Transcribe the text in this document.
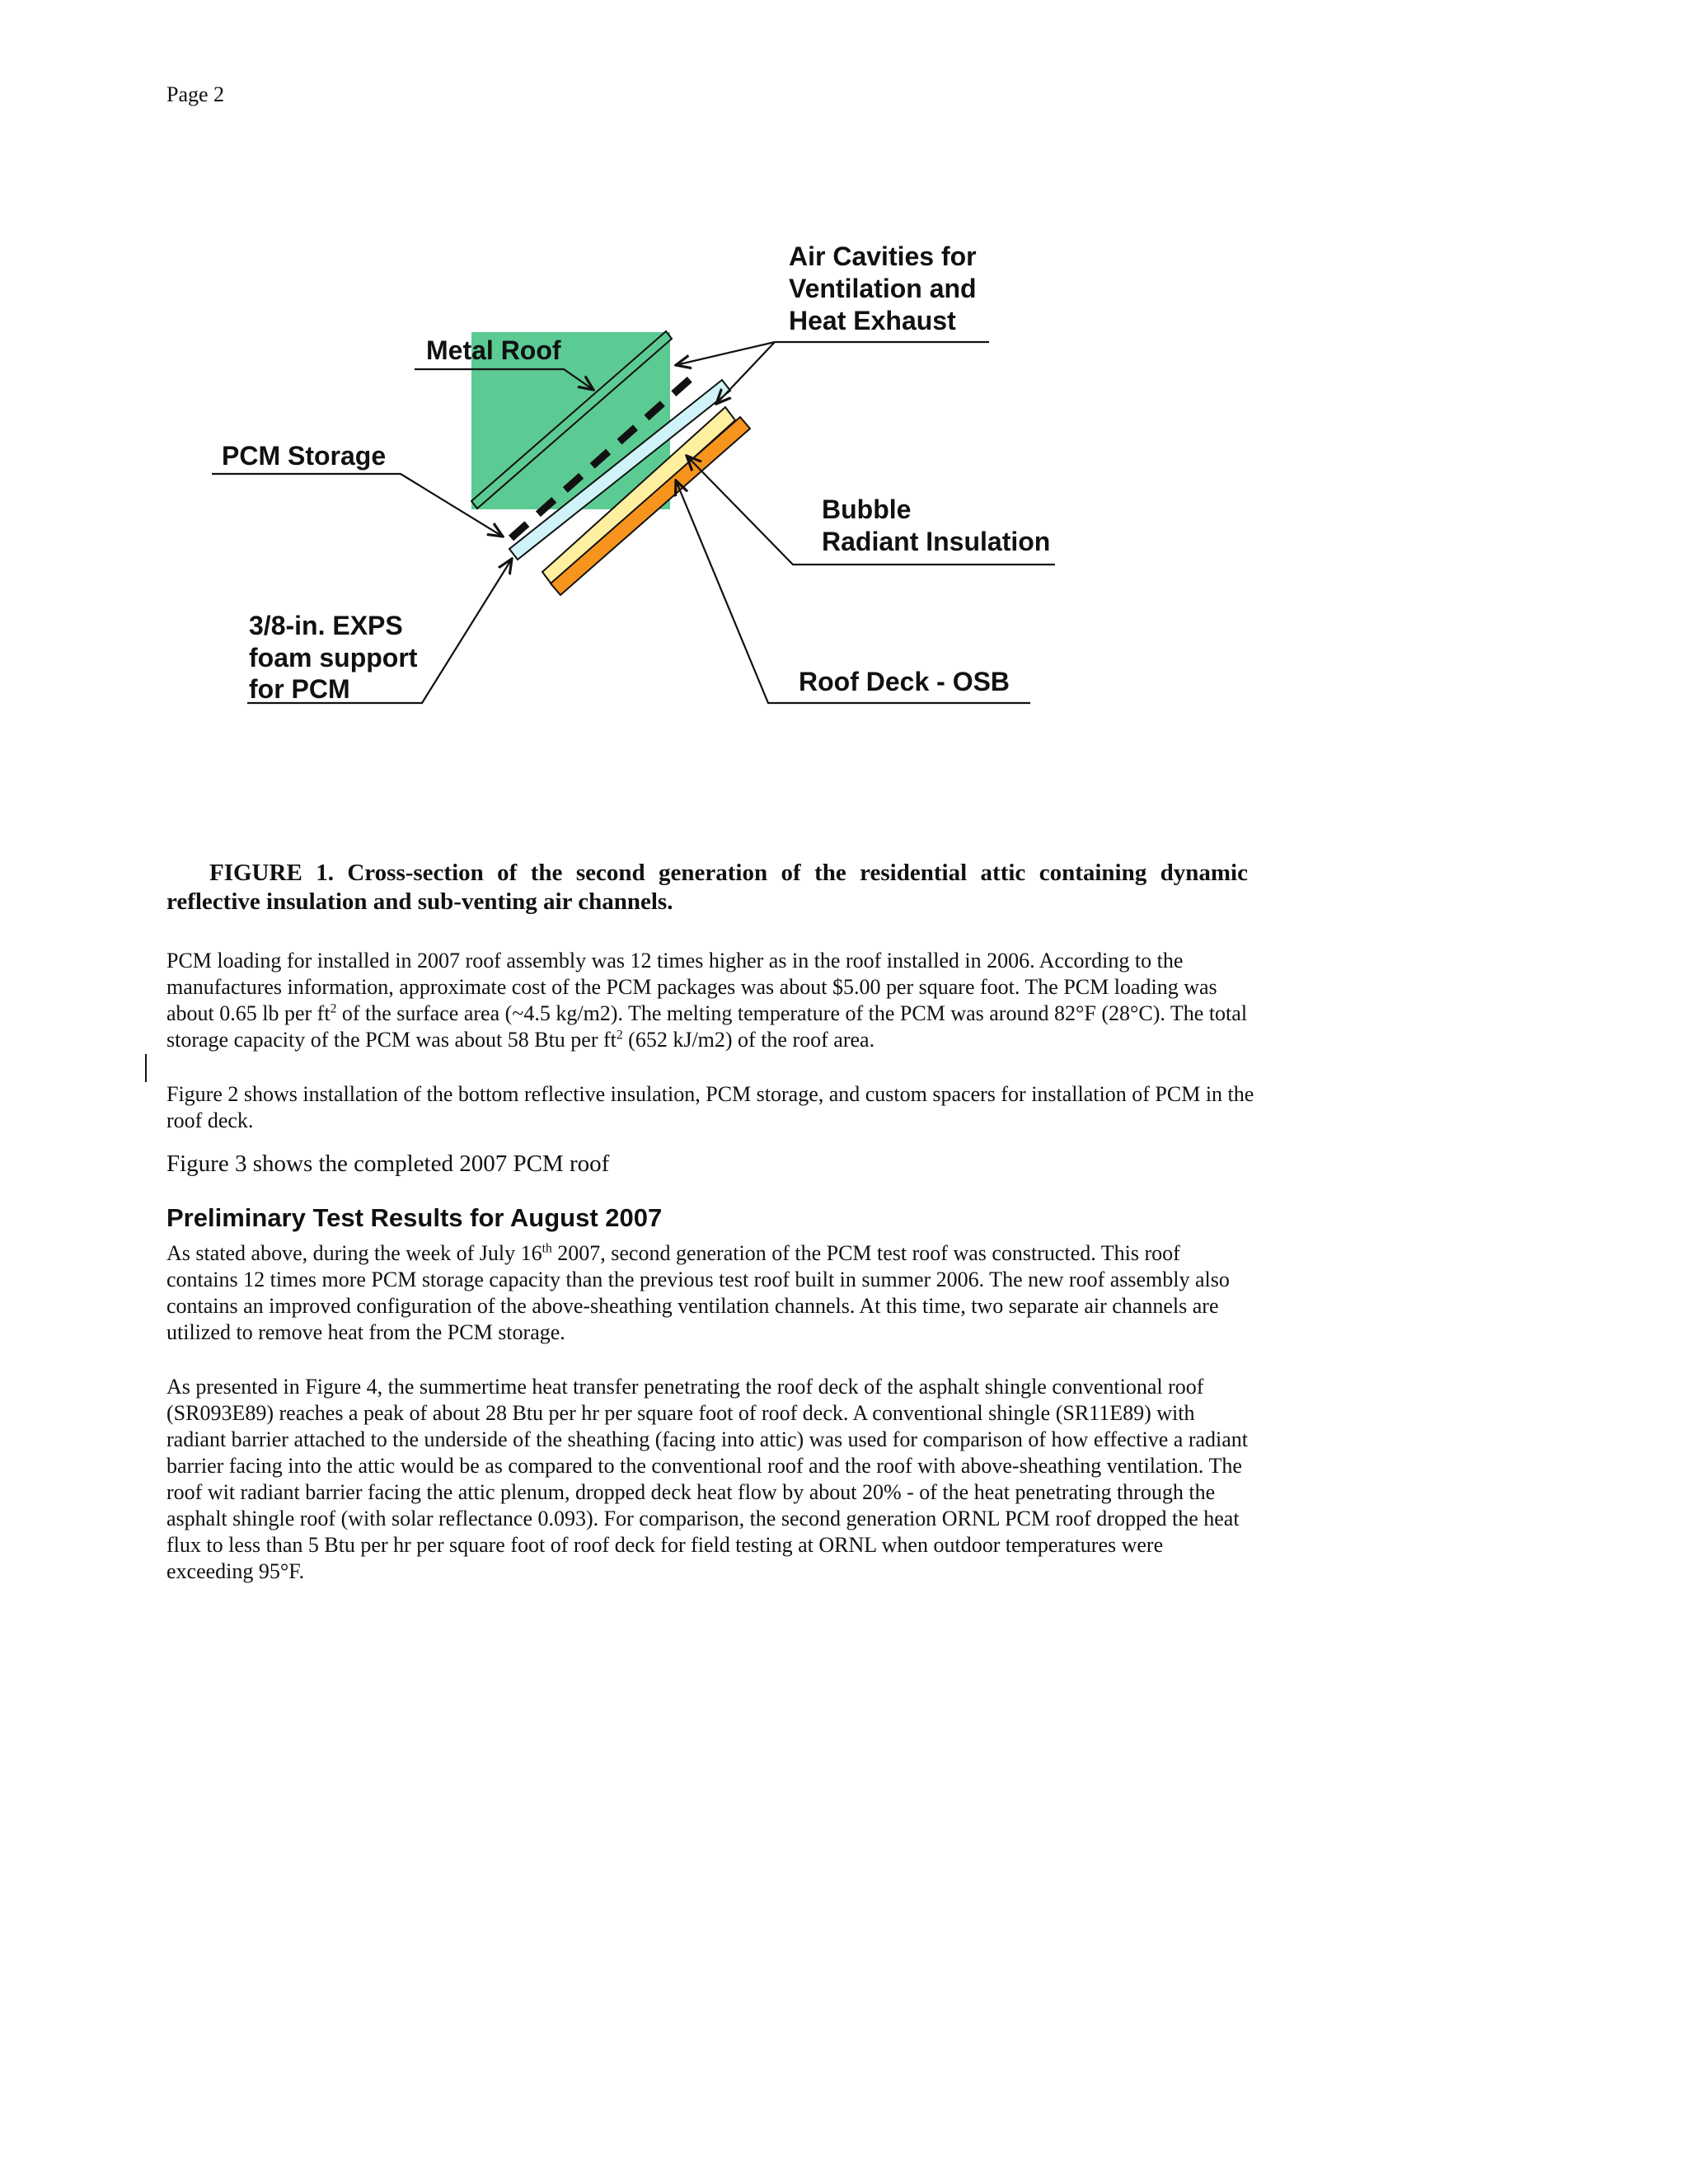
Page 2
Air Cavities for
Ventilation and
Heat Exhaust
Metal Roof
PCM Storage
Bubble
Radiant Insulation
3/8-in. EXPS
foam support
for PCM	Roof Deck - OSB
FIGURE 1. Cross-section of the second generation of the residential attic containing dynamic reflective insulation and sub-venting air channels.
PCM loading for installed in 2007 roof assembly was 12 times higher as in the roof installed in 2006. According to the manufactures information, approximate cost of the PCM packages was about $5.00 per square foot. The PCM loading was about 0.65 lb per $ft^2$ of the surface area (~4.5 kg/m2). The melting temperature of the PCM was around 82°F (28°C). The total storage capacity of the PCM was about 58 Btu per $ft^2$ (652 kJ/m2) of the roof area.
Figure 2 shows installation of the bottom reflective insulation, PCM storage, and custom spacers for installation of PCM in the roof deck.
Figure 3 shows the completed 2007 PCM roof
Preliminary Test Results for August 2007
As stated above, during the week of July 16th 2007, second generation of the PCM test roof was constructed. This roof contains 12 times more PCM storage capacity than the previous test roof built in summer 2006. The new roof assembly also contains an improved configuration of the above-sheathing ventilation channels. At this time, two separate air channels are utilized to remove heat from the PCM storage.
As presented in Figure 4, the summertime heat transfer penetrating the roof deck of the asphalt shingle conventional roof (SR093E89) reaches a peak of about 28 Btu per hr per square foot of roof deck. A conventional shingle (SR11E89) with radiant barrier attached to the underside of the sheathing (facing into attic) was used for comparison of how effective a radiant barrier facing into the attic would be as compared to the conventional roof and the roof with above-sheathing ventilation. The roof wit radiant barrier facing the attic plenum, dropped deck heat flow by about 20% - of the heat penetrating through the asphalt shingle roof (with solar reflectance 0.093). For comparison, the second generation ORNL PCM roof dropped the heat flux to less than 5 Btu per hr per square foot of roof deck for field testing at ORNL when outdoor temperatures were exceeding 95°F.
